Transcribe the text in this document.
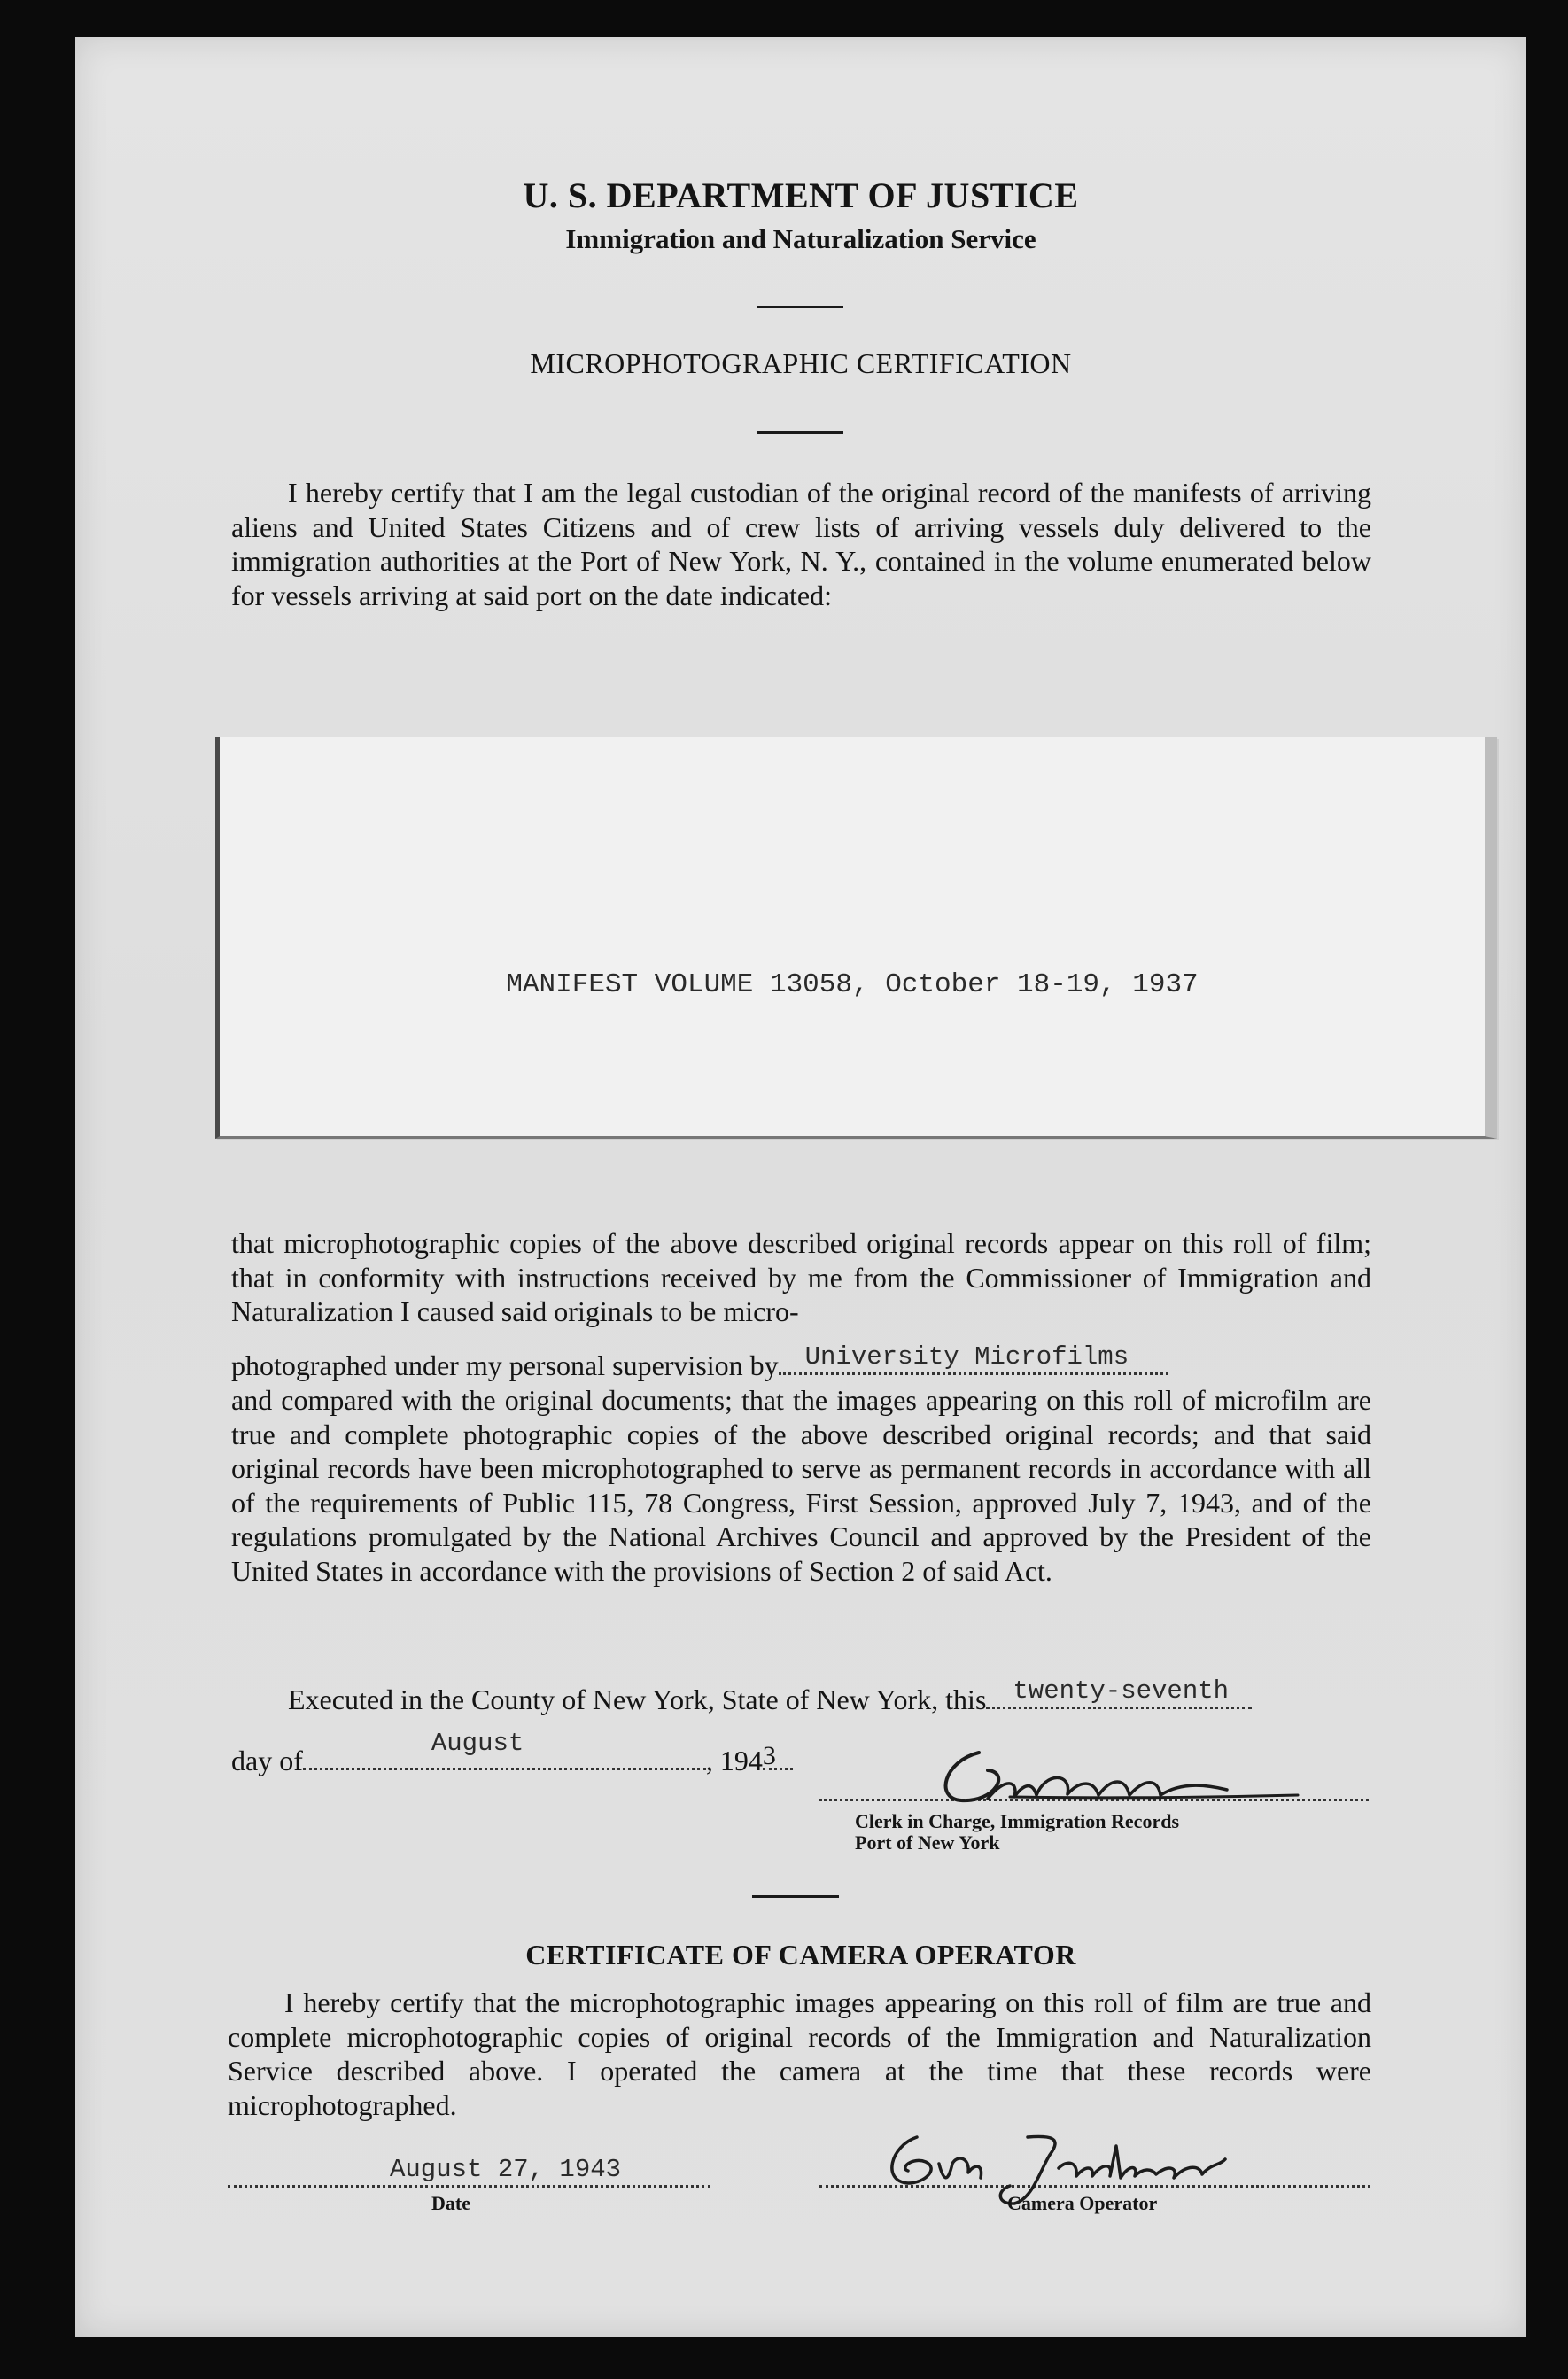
U. S. DEPARTMENT OF JUSTICE
Immigration and Naturalization Service
MICROPHOTOGRAPHIC CERTIFICATION
I hereby certify that I am the legal custodian of the original record of the manifests of arriving aliens and United States Citizens and of crew lists of arriving vessels duly delivered to the immigration authorities at the Port of New York, N. Y., contained in the volume enumerated below for vessels arriving at said port on the date indicated:
MANIFEST VOLUME 13058, October 18-19, 1937
that microphotographic copies of the above described original records appear on this roll of film; that in conformity with instructions received by me from the Commissioner of Immigration and Naturalization I caused said originals to be micro-
photographed under my personal supervision by University Microfilms
and compared with the original documents; that the images appearing on this roll of microfilm are true and complete photographic copies of the above described original records; and that said original records have been microphotographed to serve as permanent records in accordance with all of the requirements of Public 115, 78 Congress, First Session, approved July 7, 1943, and of the regulations promulgated by the National Archives Council and approved by the President of the United States in accordance with the provisions of Section 2 of said Act.
Executed in the County of New York, State of New York, this twenty-seventh
day of
August
, 194 3
Clerk in Charge, Immigration Records
Port of New York
CERTIFICATE OF CAMERA OPERATOR
I hereby certify that the microphotographic images appearing on this roll of film are true and complete microphotographic copies of original records of the Immigration and Naturalization Service described above. I operated the camera at the time that these records were microphotographed.
August 27, 1943
Date	Camera Operator
